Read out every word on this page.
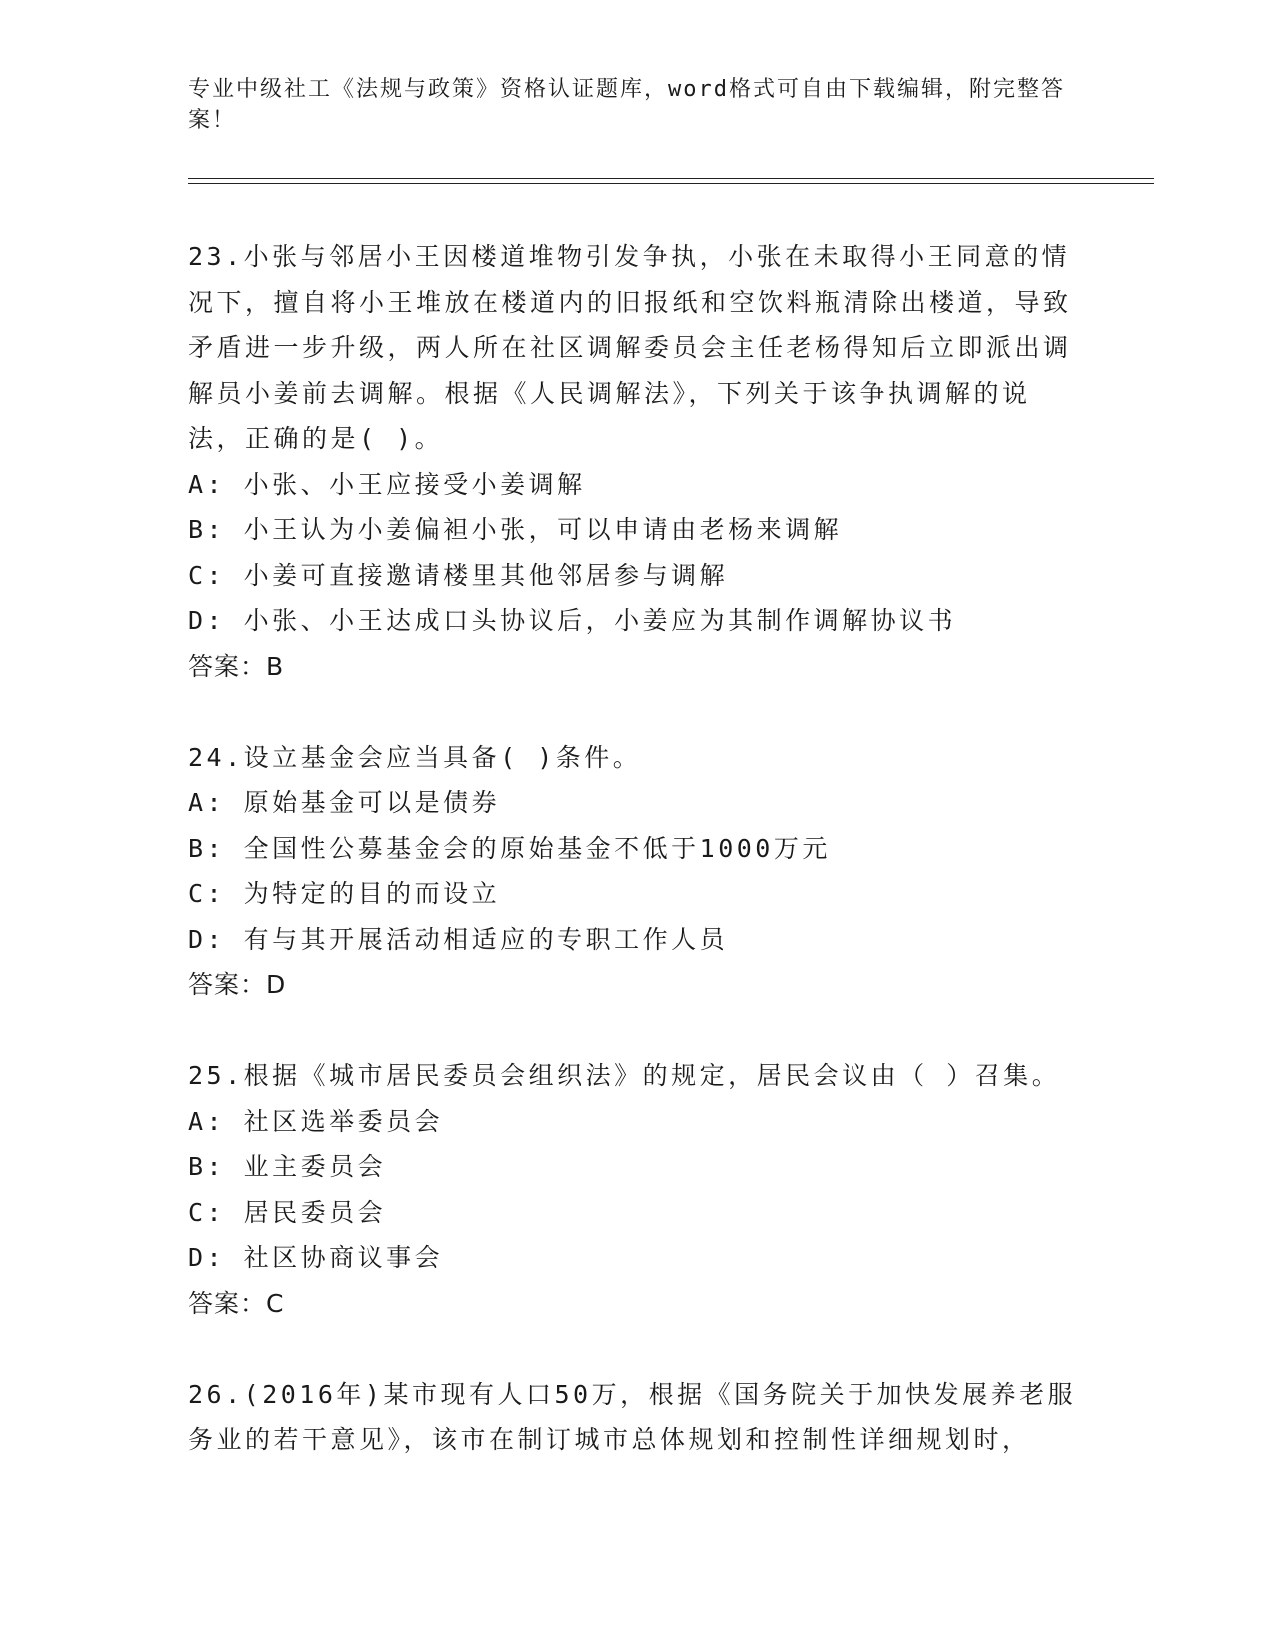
专业中级社工《法规与政策》资格认证题库，word格式可自由下载编辑，附完整答案！
23.小张与邻居小王因楼道堆物引发争执，小张在未取得小王同意的情况下，擅自将小王堆放在楼道内的旧报纸和空饮料瓶清除出楼道，导致矛盾进一步升级，两人所在社区调解委员会主任老杨得知后立即派出调解员小姜前去调解。根据《人民调解法》，下列关于该争执调解的说法，正确的是( )。
A: 小张、小王应接受小姜调解
B: 小王认为小姜偏袒小张，可以申请由老杨来调解
C: 小姜可直接邀请楼里其他邻居参与调解
D: 小张、小王达成口头协议后，小姜应为其制作调解协议书
答案：B
24.设立基金会应当具备( )条件。
A: 原始基金可以是债券
B: 全国性公募基金会的原始基金不低于1000万元
C: 为特定的目的而设立
D: 有与其开展活动相适应的专职工作人员
答案：D
25.根据《城市居民委员会组织法》的规定，居民会议由（ ）召集。
A: 社区选举委员会
B: 业主委员会
C: 居民委员会
D: 社区协商议事会
答案：C
26.(2016年)某市现有人口50万，根据《国务院关于加快发展养老服务业的若干意见》，该市在制订城市总体规划和控制性详细规划时，
